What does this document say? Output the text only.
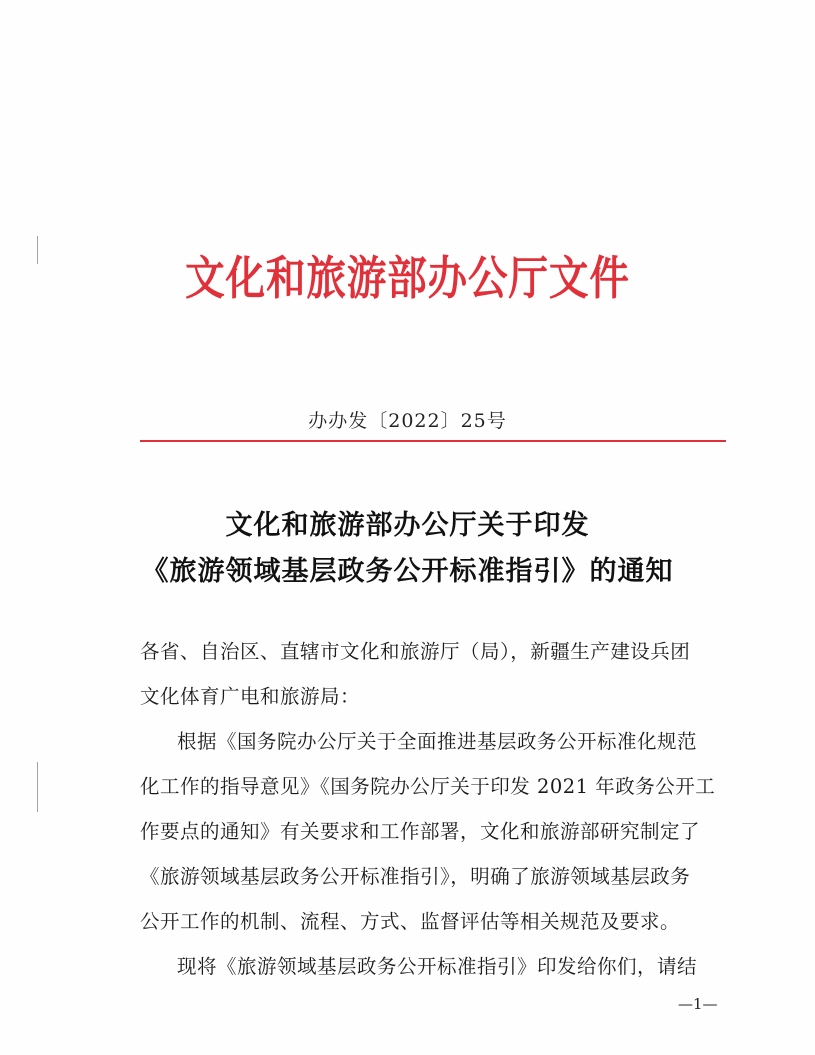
文化和旅游部办公厅文件
办办发〔2022〕25号
文化和旅游部办公厅关于印发
《旅游领域基层政务公开标准指引》的通知
各省、自治区、直辖市文化和旅游厅（局），新疆生产建设兵团
文化体育广电和旅游局：
根据《国务院办公厅关于全面推进基层政务公开标准化规范
化工作的指导意见》《国务院办公厅关于印发 2021 年政务公开工
作要点的通知》有关要求和工作部署，文化和旅游部研究制定了
《旅游领域基层政务公开标准指引》，明确了旅游领域基层政务
公开工作的机制、流程、方式、监督评估等相关规范及要求。
现将《旅游领域基层政务公开标准指引》印发给你们，请结
—1—
